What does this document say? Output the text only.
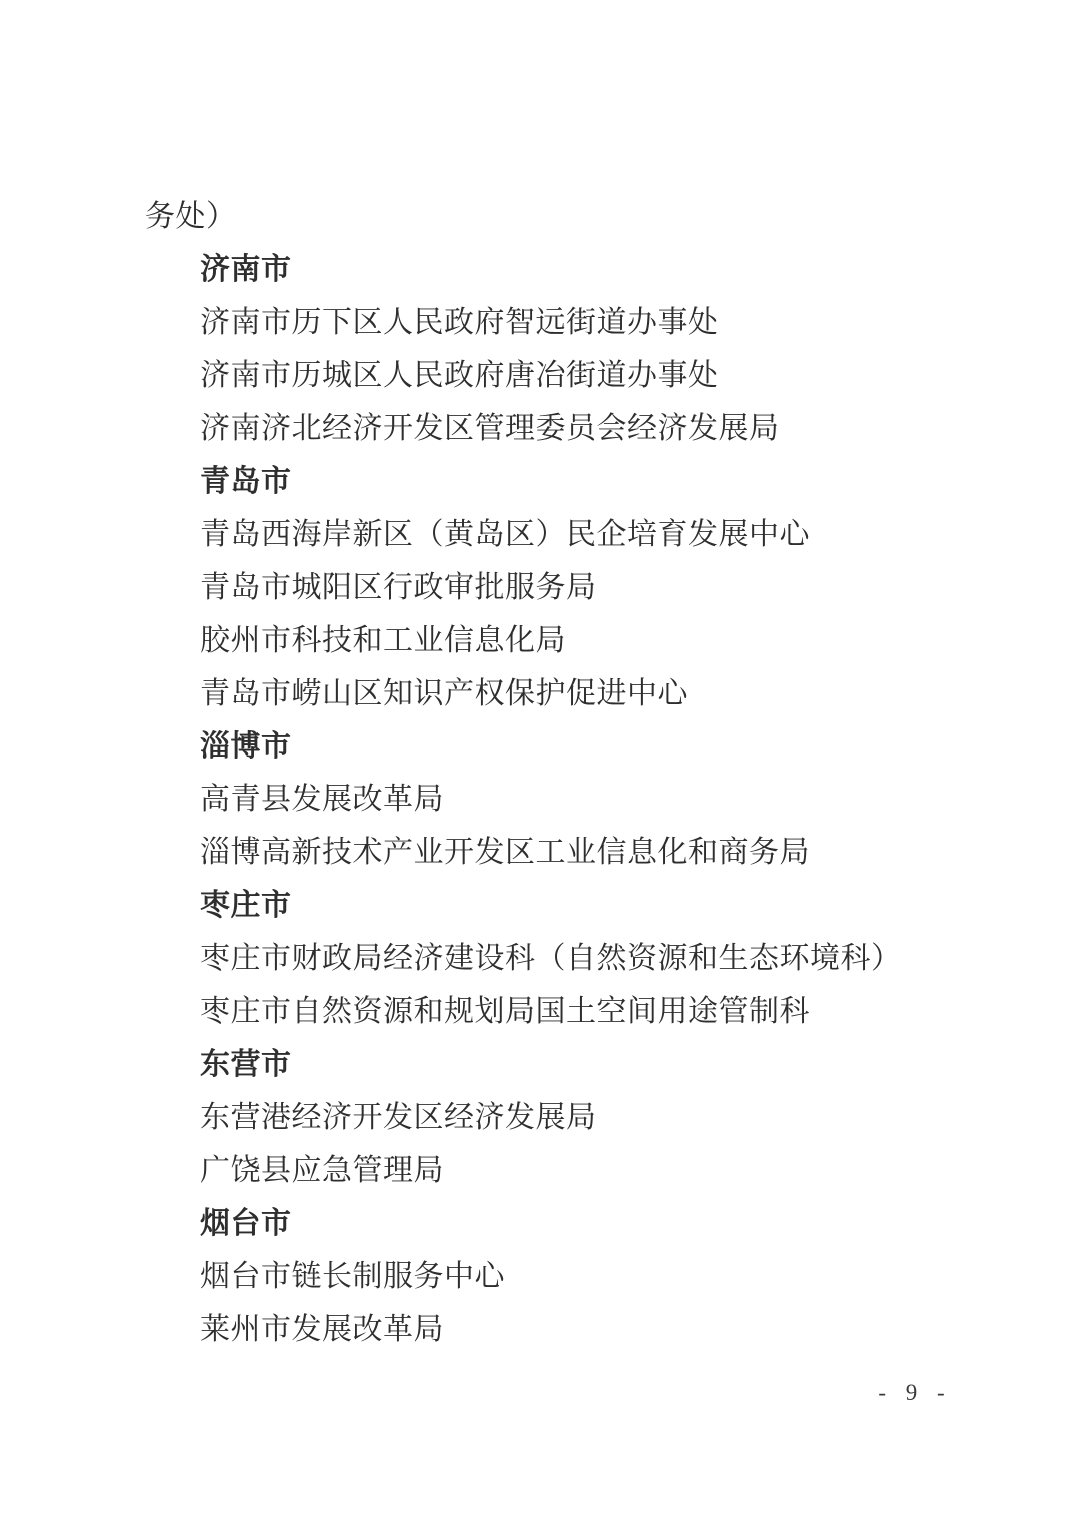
务处）
济南市
济南市历下区人民政府智远街道办事处
济南市历城区人民政府唐冶街道办事处
济南济北经济开发区管理委员会经济发展局
青岛市
青岛西海岸新区（黄岛区）民企培育发展中心
青岛市城阳区行政审批服务局
胶州市科技和工业信息化局
青岛市崂山区知识产权保护促进中心
淄博市
高青县发展改革局
淄博高新技术产业开发区工业信息化和商务局
枣庄市
枣庄市财政局经济建设科（自然资源和生态环境科）
枣庄市自然资源和规划局国土空间用途管制科
东营市
东营港经济开发区经济发展局
广饶县应急管理局
烟台市
烟台市链长制服务中心
莱州市发展改革局
- 9 -
